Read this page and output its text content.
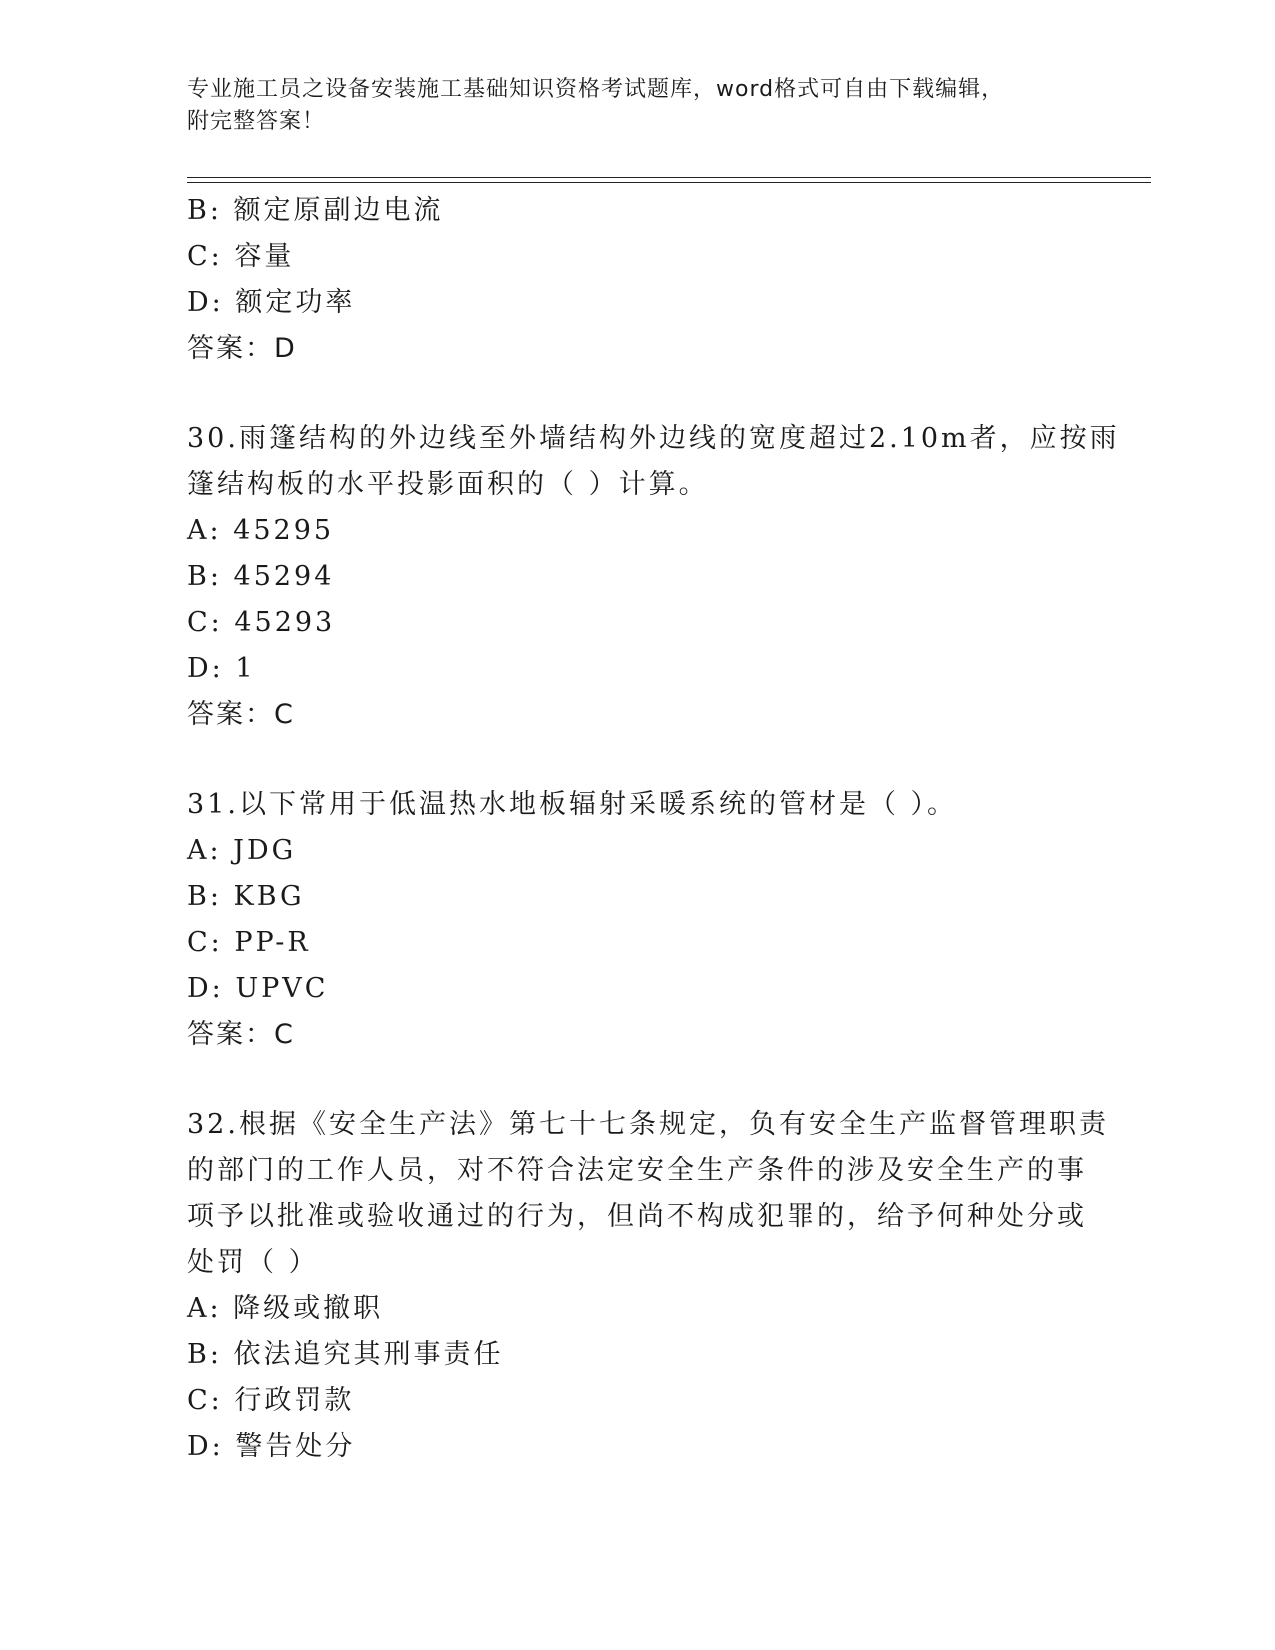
专业施工员之设备安装施工基础知识资格考试题库，word格式可自由下载编辑，
附完整答案！
B: 额定原副边电流
C: 容量
D: 额定功率
答案：D
30.雨篷结构的外边线至外墙结构外边线的宽度超过2.10m者，应按雨
篷结构板的水平投影面积的（ ）计算。
A: 45295
B: 45294
C: 45293
D: 1
答案：C
31.以下常用于低温热水地板辐射采暖系统的管材是（ ）。
A: JDG
B: KBG
C: PP-R
D: UPVC
答案：C
32.根据《安全生产法》第七十七条规定，负有安全生产监督管理职责
的部门的工作人员，对不符合法定安全生产条件的涉及安全生产的事
项予以批准或验收通过的行为，但尚不构成犯罪的，给予何种处分或
处罚（ ）
A: 降级或撤职
B: 依法追究其刑事责任
C: 行政罚款
D: 警告处分
